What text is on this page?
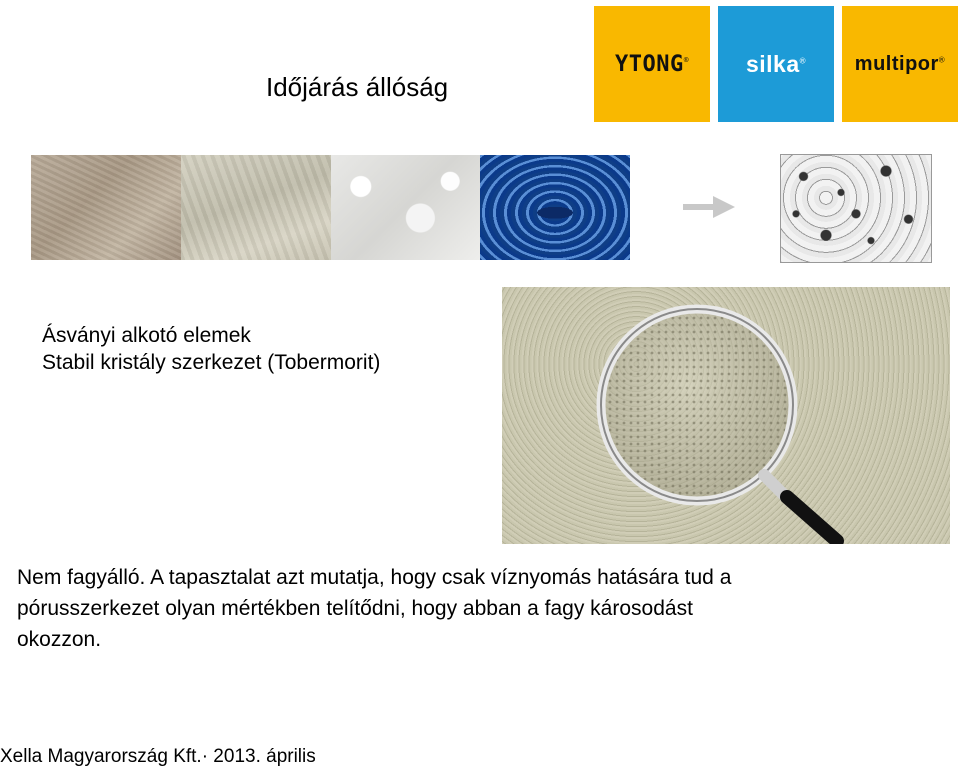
Időjárás állóság
YTONG® silka® multipor®
Ásványi alkotó elemek
Stabil kristály szerkezet (Tobermorit)
Nem fagyálló. A tapasztalat azt mutatja, hogy csak víznyomás hatására tud a
pórusszerkezet olyan mértékben telítődni, hogy abban a fagy károsodást
okozzon.
Xella Magyarország Kft.· 2013. április
